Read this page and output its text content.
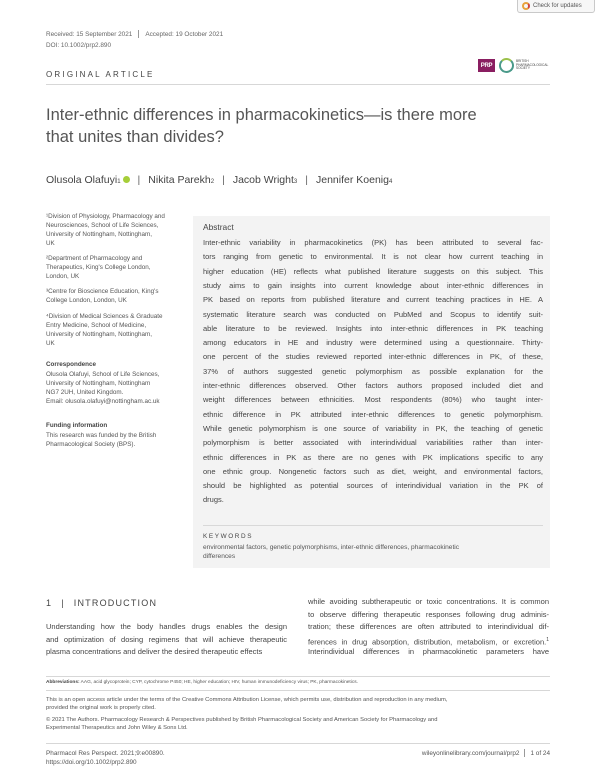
Check for updates
Received: 15 September 2021 Accepted: 19 October 2021
DOI: 10.1002/prp2.890
ORIGINAL ARTICLE
PRP
BRITISH PHARMACOLOGICAL SOCIETY
Inter-ethnic differences in pharmacokinetics—is there more
that unites than divides?
Olusola Olafuyi 1 | Nikita Parekh 2 | Jacob Wright 3 | Jennifer Koenig 4
¹Division of Physiology, Pharmacology and
Neurosciences, School of Life Sciences,
University of Nottingham, Nottingham,
UK
²Department of Pharmacology and
Therapeutics, King's College London,
London, UK
³Centre for Bioscience Education, King's
College London, London, UK
⁴Division of Medical Sciences & Graduate
Entry Medicine, School of Medicine,
University of Nottingham, Nottingham,
UK
Correspondence
Olusola Olafuyi, School of Life Sciences,
University of Nottingham, Nottingham
NG7 2UH, United Kingdom.
Email: olusola.olafuyi@nottingham.ac.uk
Funding information
This research was funded by the British
Pharmacological Society (BPS).
Abstract
Inter-ethnic variability in pharmacokinetics (PK) has been attributed to several fac-
tors ranging from genetic to environmental. It is not clear how current teaching in
higher education (HE) reflects what published literature suggests on this subject. This
study aims to gain insights into current knowledge about inter-ethnic differences in
PK based on reports from published literature and current teaching practices in HE. A
systematic literature search was conducted on PubMed and Scopus to identify suit-
able literature to be reviewed. Insights into inter-ethnic differences in PK teaching
among educators in HE and industry were determined using a questionnaire. Thirty-
one percent of the studies reviewed reported inter-ethnic differences in PK, of these,
37% of authors suggested genetic polymorphism as possible explanation for the
inter-ethnic differences observed. Other factors authors proposed included diet and
weight differences between ethnicities. Most respondents (80%) who taught inter-
ethnic difference in PK attributed inter-ethnic differences to genetic polymorphism.
While genetic polymorphism is one source of variability in PK, the teaching of genetic
polymorphism is better associated with interindividual variabilities rather than inter-
ethnic differences in PK as there are no genes with PK implications specific to any
one ethnic group. Nongenetic factors such as diet, weight, and environmental factors,
should be highlighted as potential sources of interindividual variation in the PK of
drugs.
KEYWORDS
environmental factors, genetic polymorphisms, inter-ethnic differences, pharmacokinetic
differences
1 | INTRODUCTION
Understanding how the body handles drugs enables the design
and optimization of dosing regimens that will achieve therapeutic
plasma concentrations and deliver the desired therapeutic effects
while avoiding subtherapeutic or toxic concentrations. It is common
to observe differing therapeutic responses following drug adminis-
tration; these differences are often attributed to interindividual dif-
ferences in drug absorption, distribution, metabolism, or excretion.$^1$
Interindividual differences in pharmacokinetic parameters have
Abbreviations: AAG, acid glycoprotein; CYP, cytochrome P450; HE, higher education; HIV, human immunodeficiency virus; PK, pharmacokinetics.
This is an open access article under the terms of the Creative Commons Attribution License, which permits use, distribution and reproduction in any medium,
provided the original work is properly cited.
© 2021 The Authors. Pharmacology Research & Perspectives published by British Pharmacological Society and American Society for Pharmacology and
Experimental Therapeutics and John Wiley & Sons Ltd.
Pharmacol Res Perspect. 2021;9:e00890.
https://doi.org/10.1002/prp2.890
wileyonlinelibrary.com/journal/prp2 1 of 24
